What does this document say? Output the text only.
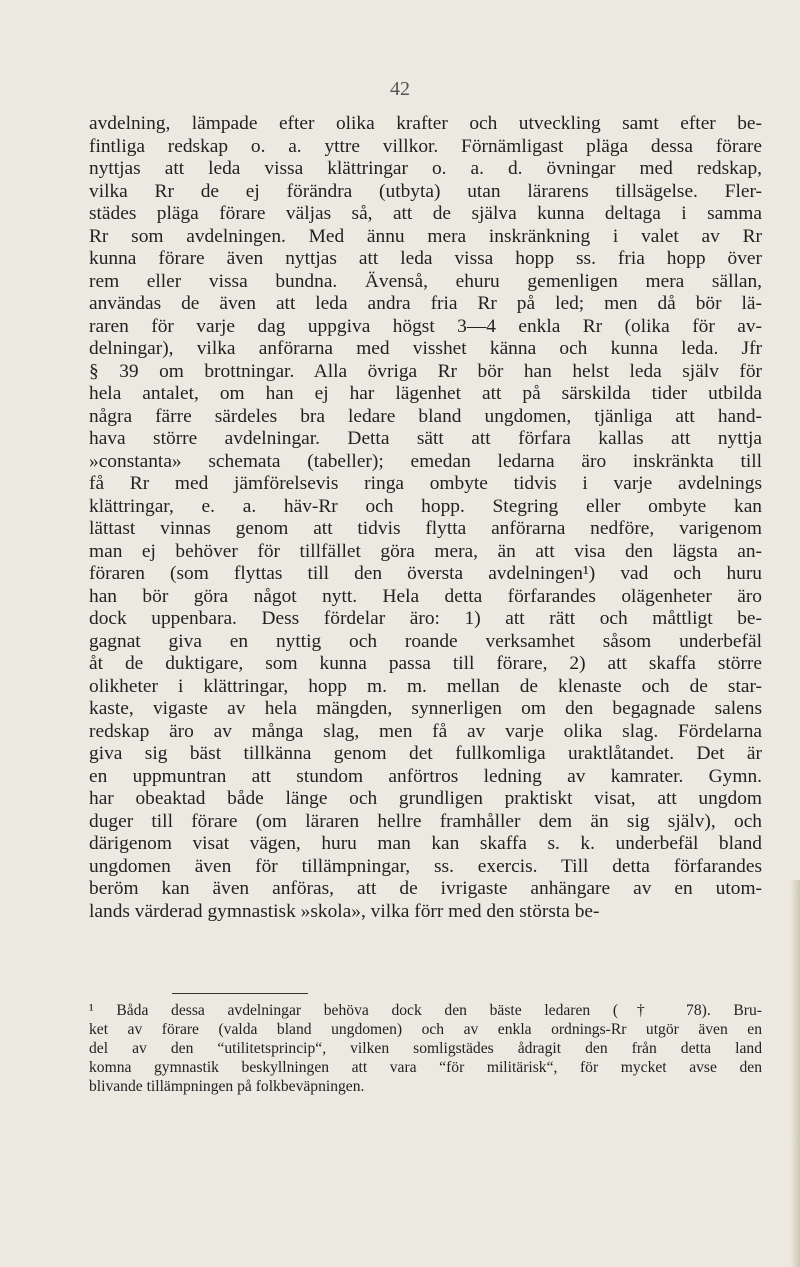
42
avdelning, lämpade efter olika krafter och utveckling samt efter be-
fintliga redskap o. a. yttre villkor. Förnämligast pläga dessa förare
nyttjas att leda vissa klättringar o. a. d. övningar med redskap,
vilka Rr de ej förändra (utbyta) utan lärarens tillsägelse. Fler-
städes pläga förare väljas så, att de själva kunna deltaga i samma
Rr som avdelningen. Med ännu mera inskränkning i valet av Rr
kunna förare även nyttjas att leda vissa hopp ss. fria hopp över
rem eller vissa bundna. Ävenså, ehuru gemenligen mera sällan,
användas de även att leda andra fria Rr på led; men då bör lä-
raren för varje dag uppgiva högst 3—4 enkla Rr (olika för av-
delningar), vilka anförarna med visshet känna och kunna leda. Jfr
§ 39 om brottningar. Alla övriga Rr bör han helst leda själv för
hela antalet, om han ej har lägenhet att på särskilda tider utbilda
några färre särdeles bra ledare bland ungdomen, tjänliga att hand-
hava större avdelningar. Detta sätt att förfara kallas att nyttja
»constanta» schemata (tabeller); emedan ledarna äro inskränkta till
få Rr med jämförelsevis ringa ombyte tidvis i varje avdelnings
klättringar, e. a. häv-Rr och hopp. Stegring eller ombyte kan
lättast vinnas genom att tidvis flytta anförarna nedföre, varigenom
man ej behöver för tillfället göra mera, än att visa den lägsta an-
föraren (som flyttas till den översta avdelningen¹) vad och huru
han bör göra något nytt. Hela detta förfarandes olägenheter äro
dock uppenbara. Dess fördelar äro: 1) att rätt och måttligt be-
gagnat giva en nyttig och roande verksamhet såsom underbefäl
åt de duktigare, som kunna passa till förare, 2) att skaffa större
olikheter i klättringar, hopp m. m. mellan de klenaste och de star-
kaste, vigaste av hela mängden, synnerligen om den begagnade salens
redskap äro av många slag, men få av varje olika slag. Fördelarna
giva sig bäst tillkänna genom det fullkomliga uraktlåtandet. Det är
en uppmuntran att stundom anförtros ledning av kamrater. Gymn.
har obeaktad både länge och grundligen praktiskt visat, att ungdom
duger till förare (om läraren hellre framhåller dem än sig själv), och
därigenom visat vägen, huru man kan skaffa s. k. underbefäl bland
ungdomen även för tillämpningar, ss. exercis. Till detta förfarandes
beröm kan även anföras, att de ivrigaste anhängare av en utom-
lands värderad gymnastisk »skola», vilka förr med den största be-
¹ Båda dessa avdelningar behöva dock den bäste ledaren († 78). Bru-
ket av förare (valda bland ungdomen) och av enkla ordnings-Rr utgör även en
del av den “utilitetsprincip“, vilken somligstädes ådragit den från detta land
komna gymnastik beskyllningen att vara “för militärisk“, för mycket avse den
blivande tillämpningen på folkbeväpningen.
